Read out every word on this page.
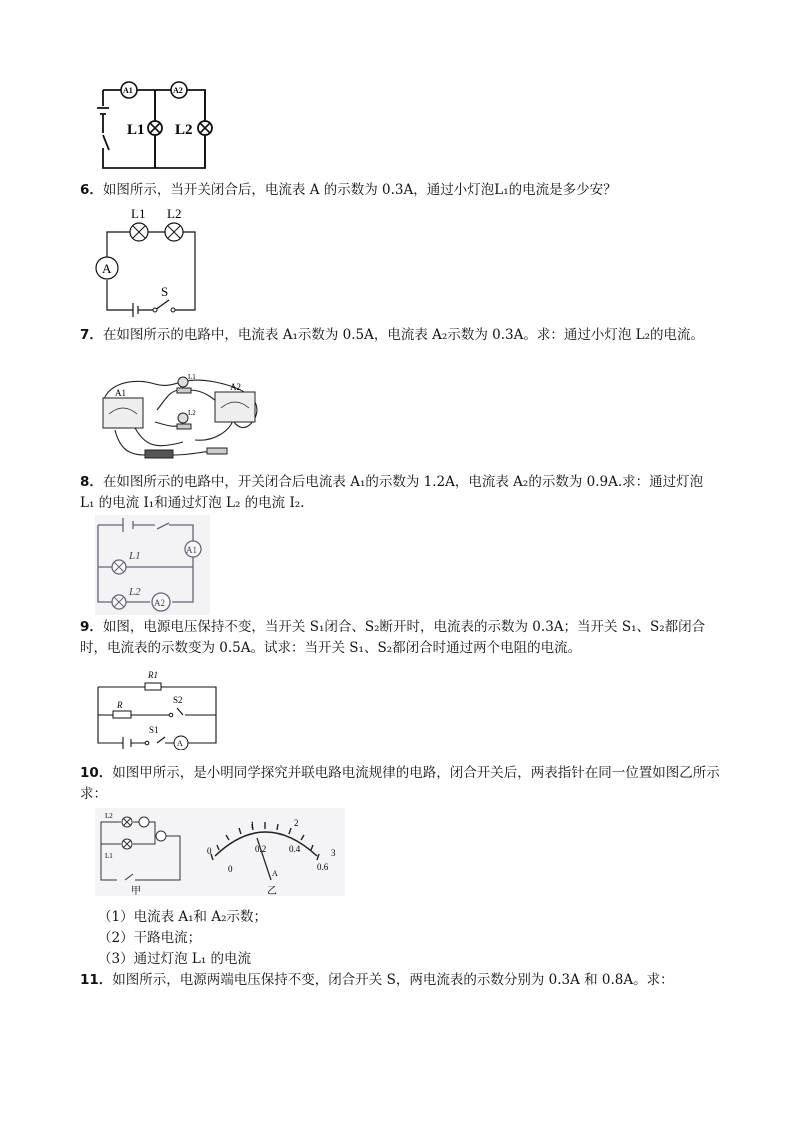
A1	A2
L1 L2
6．如图所示，当开关闭合后，电流表 A 的示数为 0.3A，通过小灯泡L₁的电流是多少安？
L1 L2
A
S
7．在如图所示的电路中，电流表 A₁示数为 0.5A，电流表 A₂示数为 0.3A。求：通过小灯泡 L₂的电流。
A1
A2
L1
L2
8．在如图所示的电路中，开关闭合后电流表 A₁的示数为 1.2A，电流表 A₂的示数为 0.9A.求：通过灯泡 L₁ 的电流 I₁和通过灯泡 L₂ 的电流 I₂.
L1
L2
A1
A2
9．如图，电源电压保持不变，当开关 S₁闭合、S₂断开时，电流表的示数为 0.3A；当开关 S₁、S₂都闭合时，电流表的示数变为 0.5A。试求：当开关 S₁、S₂都闭合时通过两个电阻的电流。
R1
R	S2
S1
A
10．如图甲所示，是小明同学探究并联电路电流规律的电路，闭合开关后，两表指针在同一位置如图乙所示求：
L2
L1
甲
0
1	2
3
0
0.2	0.4
0.6
A
乙
（1）电流表 A₁和 A₂示数；
（2）干路电流；
（3）通过灯泡 L₁ 的电流
11．如图所示，电源两端电压保持不变，闭合开关 S，两电流表的示数分别为 0.3A 和 0.8A。求：
